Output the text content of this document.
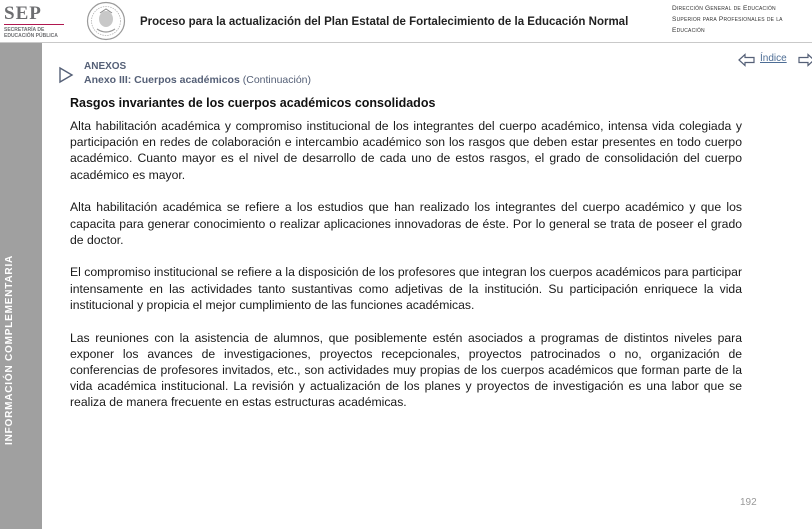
SEP
SECRETARÍA DE EDUCACIÓN PÚBLICA
Proceso para la actualización del Plan Estatal de Fortalecimiento de la Educación Normal
Dirección General de Educación Superior para Profesionales de la Educación
INFORMACIÓN COMPLEMENTARIA
ANEXOS
Anexo III: Cuerpos académicos (Continuación)
Índice
Rasgos invariantes de los cuerpos académicos consolidados

Alta habilitación académica y compromiso institucional de los integrantes del cuerpo académico, intensa vida colegiada y participación en redes de colaboración e intercambio académico son los rasgos que deben estar presentes en todo cuerpo académico. Cuanto mayor es el nivel de desarrollo de cada uno de estos rasgos, el grado de consolidación del cuerpo académico es mayor.

Alta habilitación académica se refiere a los estudios que han realizado los integrantes del cuerpo académico y que los capacita para generar conocimiento o realizar aplicaciones innovadoras de éste. Por lo general se trata de poseer el grado de doctor.

El compromiso institucional se refiere a la disposición de los profesores que integran los cuerpos académicos para participar intensamente en las actividades tanto sustantivas como adjetivas de la institución. Su participación enriquece la vida institucional y propicia el mejor cumplimiento de las funciones académicas.

Las reuniones con la asistencia de alumnos, que posiblemente estén asociados a programas de distintos niveles para exponer los avances de investigaciones, proyectos recepcionales, proyectos patrocinados o no, organización de conferencias de profesores invitados, etc., son actividades muy propias de los cuerpos académicos que forman parte de la vida académica institucional. La revisión y actualización de los planes y proyectos de investigación es una labor que se realiza de manera frecuente en estas estructuras académicas.

192
